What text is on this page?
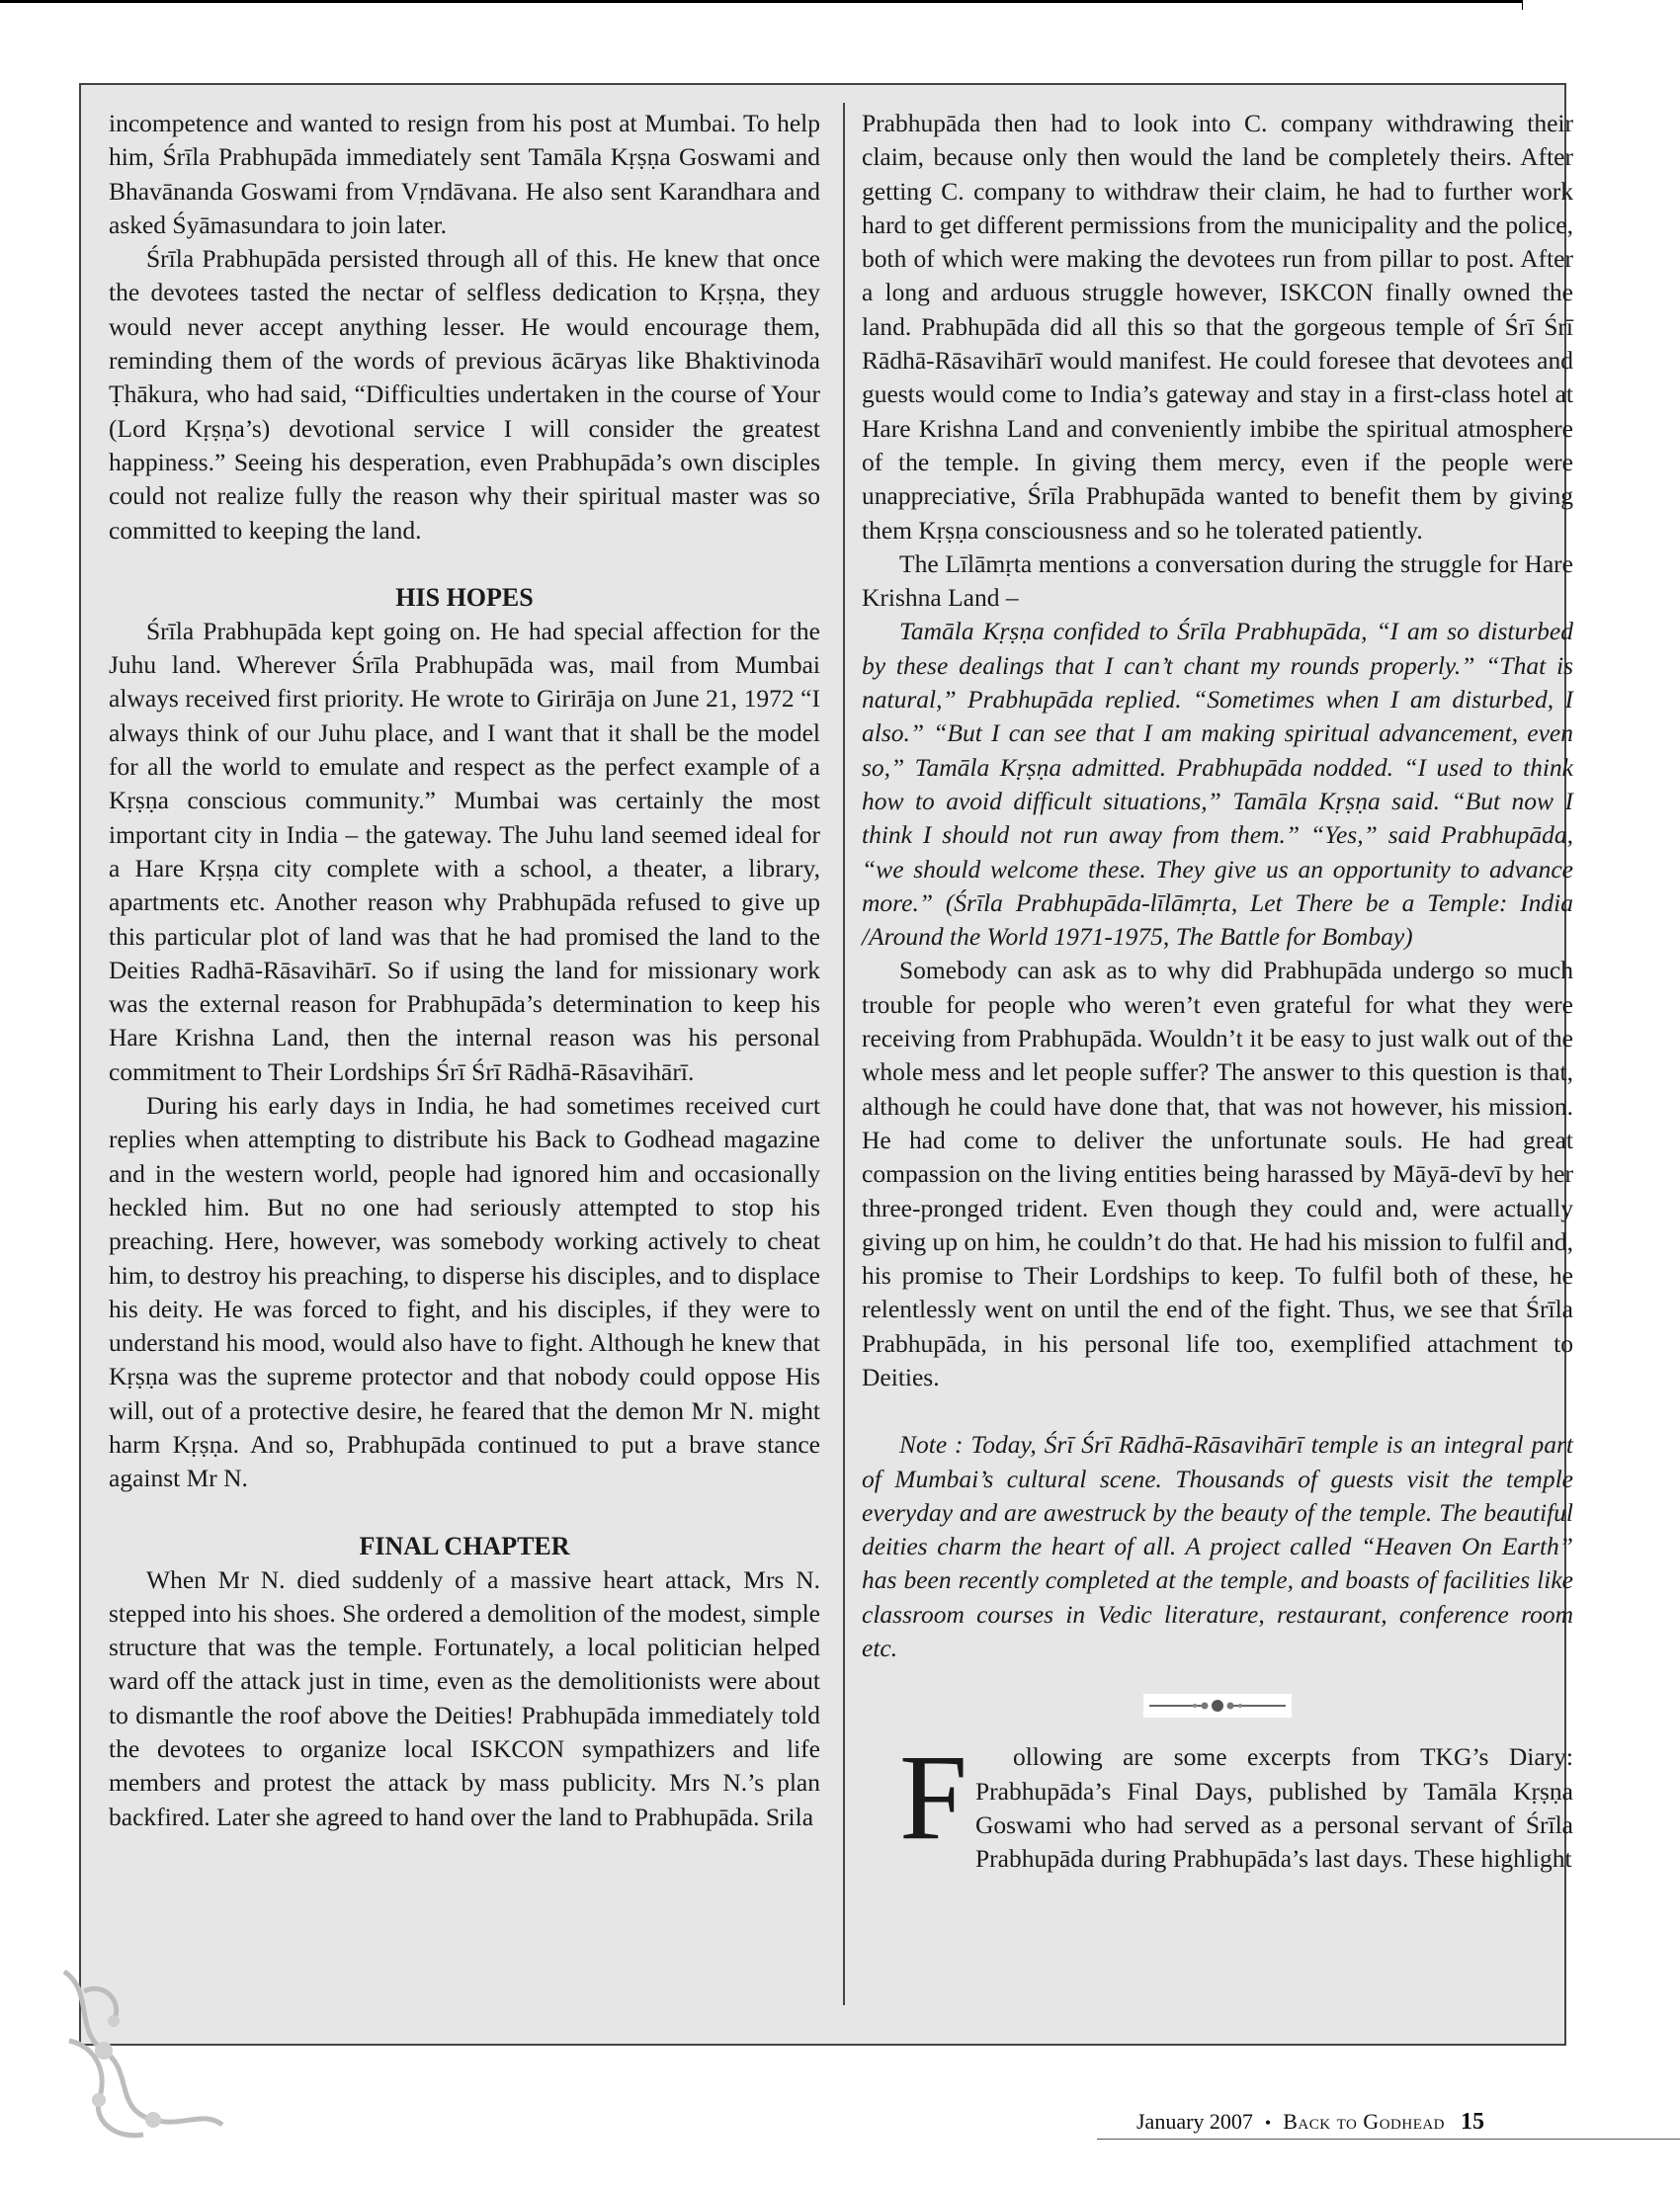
incompetence and wanted to resign from his post at Mumbai. To help him, Śrīla Prabhupāda immediately sent Tamāla Kṛṣṇa Goswami and Bhavānanda Goswami from Vṛndāvana. He also sent Karandhara and asked Śyāmasundara to join later.

Śrīla Prabhupāda persisted through all of this. He knew that once the devotees tasted the nectar of selfless dedication to Kṛṣṇa, they would never accept anything lesser. He would encourage them, reminding them of the words of previous ācāryas like Bhaktivinoda Ṭhākura, who had said, “Difficulties undertaken in the course of Your (Lord Kṛṣṇa’s) devotional service I will consider the greatest happiness.” Seeing his desperation, even Prabhupāda’s own disciples could not realize fully the reason why their spiritual master was so committed to keeping the land.

HIS HOPES

Śrīla Prabhupāda kept going on. He had special affection for the Juhu land. Wherever Śrīla Prabhupāda was, mail from Mumbai always received first priority. He wrote to Girirāja on June 21, 1972 “I always think of our Juhu place, and I want that it shall be the model for all the world to emulate and respect as the perfect example of a Kṛṣṇa conscious community.” Mumbai was certainly the most important city in India – the gateway. The Juhu land seemed ideal for a Hare Kṛṣṇa city complete with a school, a theater, a library, apartments etc. Another reason why Prabhupāda refused to give up this particular plot of land was that he had promised the land to the Deities Radhā-Rāsavihārī. So if using the land for missionary work was the external reason for Prabhupāda’s determination to keep his Hare Krishna Land, then the internal reason was his personal commitment to Their Lordships Śrī Śrī Rādhā-Rāsavihārī.

During his early days in India, he had sometimes received curt replies when attempting to distribute his Back to Godhead magazine and in the western world, people had ignored him and occasionally heckled him. But no one had seriously attempted to stop his preaching. Here, however, was somebody working actively to cheat him, to destroy his preaching, to disperse his disciples, and to displace his deity. He was forced to fight, and his disciples, if they were to understand his mood, would also have to fight. Although he knew that Kṛṣṇa was the supreme protector and that nobody could oppose His will, out of a protective desire, he feared that the demon Mr N. might harm Kṛṣṇa. And so, Prabhupāda continued to put a brave stance against Mr N.

FINAL CHAPTER

When Mr N. died suddenly of a massive heart attack, Mrs N. stepped into his shoes. She ordered a demolition of the modest, simple structure that was the temple. Fortunately, a local politician helped ward off the attack just in time, even as the demolitionists were about to dismantle the roof above the Deities! Prabhupāda immediately told the devotees to organize local ISKCON sympathizers and life members and protest the attack by mass publicity. Mrs N.’s plan backfired. Later she agreed to hand over the land to Prabhupāda. Srila

Prabhupāda then had to look into C. company withdrawing their claim, because only then would the land be completely theirs. After getting C. company to withdraw their claim, he had to further work hard to get different permissions from the municipality and the police, both of which were making the devotees run from pillar to post. After a long and arduous struggle however, ISKCON finally owned the land. Prabhupāda did all this so that the gorgeous temple of Śrī Śrī Rādhā-Rāsavihārī would manifest. He could foresee that devotees and guests would come to India’s gateway and stay in a first-class hotel at Hare Krishna Land and conveniently imbibe the spiritual atmosphere of the temple. In giving them mercy, even if the people were unappreciative, Śrīla Prabhupāda wanted to benefit them by giving them Kṛṣṇa consciousness and so he tolerated patiently.

The Līlāmṛta mentions a conversation during the struggle for Hare Krishna Land –

Tamāla Kṛṣṇa confided to Śrīla Prabhupāda, “I am so disturbed by these dealings that I can’t chant my rounds properly.” “That is natural,” Prabhupāda replied. “Sometimes when I am disturbed, I also.” “But I can see that I am making spiritual advancement, even so,” Tamāla Kṛṣṇa admitted. Prabhupāda nodded. “I used to think how to avoid difficult situations,” Tamāla Kṛṣṇa said. “But now I think I should not run away from them.” “Yes,” said Prabhupāda, “we should welcome these. They give us an opportunity to advance more.” (Śrīla Prabhupāda-līlāmṛta, Let There be a Temple: India /Around the World 1971-1975, The Battle for Bombay)

Somebody can ask as to why did Prabhupāda undergo so much trouble for people who weren’t even grateful for what they were receiving from Prabhupāda. Wouldn’t it be easy to just walk out of the whole mess and let people suffer? The answer to this question is that, although he could have done that, that was not however, his mission. He had come to deliver the unfortunate souls. He had great compassion on the living entities being harassed by Māyā-devī by her three-pronged trident. Even though they could and, were actually giving up on him, he couldn’t do that. He had his mission to fulfil and, his promise to Their Lordships to keep. To fulfil both of these, he relentlessly went on until the end of the fight. Thus, we see that Śrīla Prabhupāda, in his personal life too, exemplified attachment to Deities.

Note : Today, Śrī Śrī Rādhā-Rāsavihārī temple is an integral part of Mumbai’s cultural scene. Thousands of guests visit the temple everyday and are awestruck by the beauty of the temple. The beautiful deities charm the heart of all. A project called “Heaven On Earth” has been recently completed at the temple, and boasts of facilities like classroom courses in Vedic literature, restaurant, conference room etc.

F ollowing are some excerpts from TKG’s Diary: Prabhupāda’s Final Days, published by Tamāla Kṛṣṇa Goswami who had served as a personal servant of Śrīla Prabhupāda during Prabhupāda’s last days. These highlight

January 2007 • Back to Godhead 15
